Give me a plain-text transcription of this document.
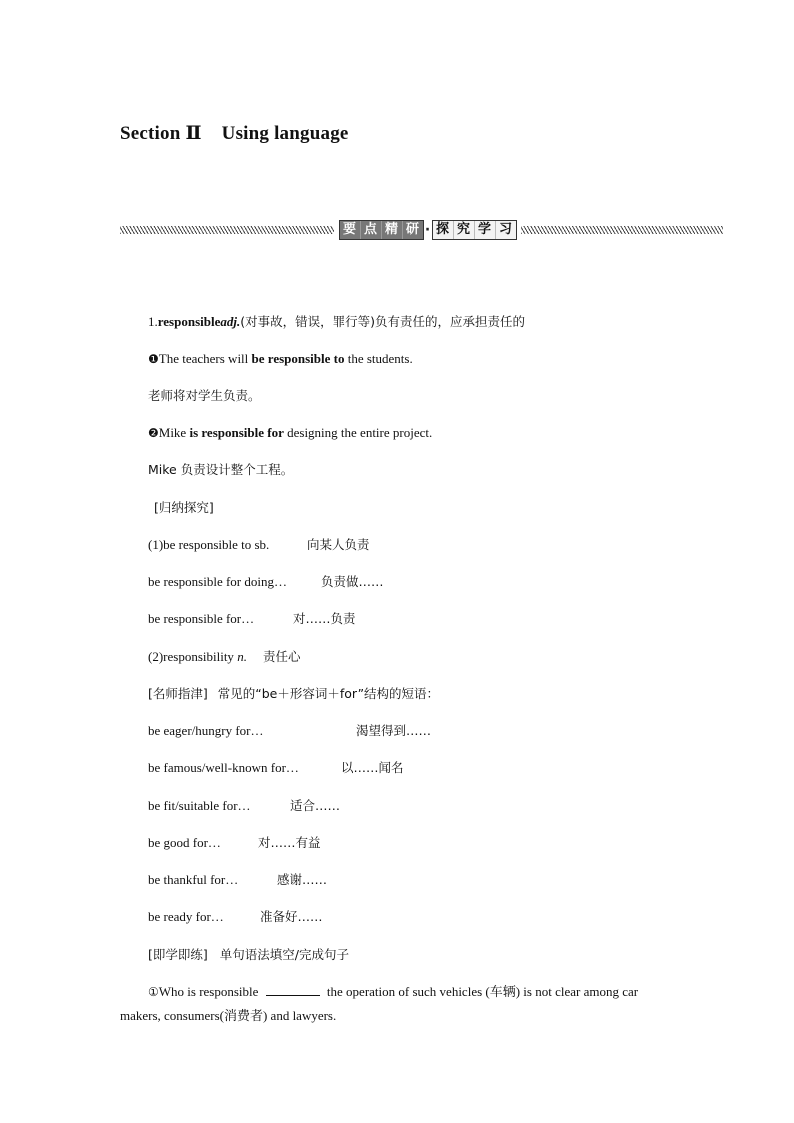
Section Ⅱ Using language
要 点 精 研 · 探 究 学 习
1.responsibleadj.(对事故，错误，罪行等)负有责任的，应承担责任的
❶The teachers will be responsible to the students.
老师将对学生负责。
❷Mike is responsible for designing the entire project.
Mike 负责设计整个工程。
[归纳探究]
(1)be responsible to sb.	向某人负责
be responsible for doing…	负责做……
be responsible for…	对……负责
(2)responsibility n. 责任心
[名师指津] 常见的“be＋形容词＋for”结构的短语：
be eager/hungry for…	渴望得到……
be famous/well-known for…	以……闻名
be fit/suitable for…	适合……
be good for…	对……有益
be thankful for…	感谢……
be ready for…	准备好……
[即学即练] 单句语法填空/完成句子
①Who is responsible	the operation of such vehicles (车辆) is not clear among car
makers, consumers(消费者) and lawyers.
